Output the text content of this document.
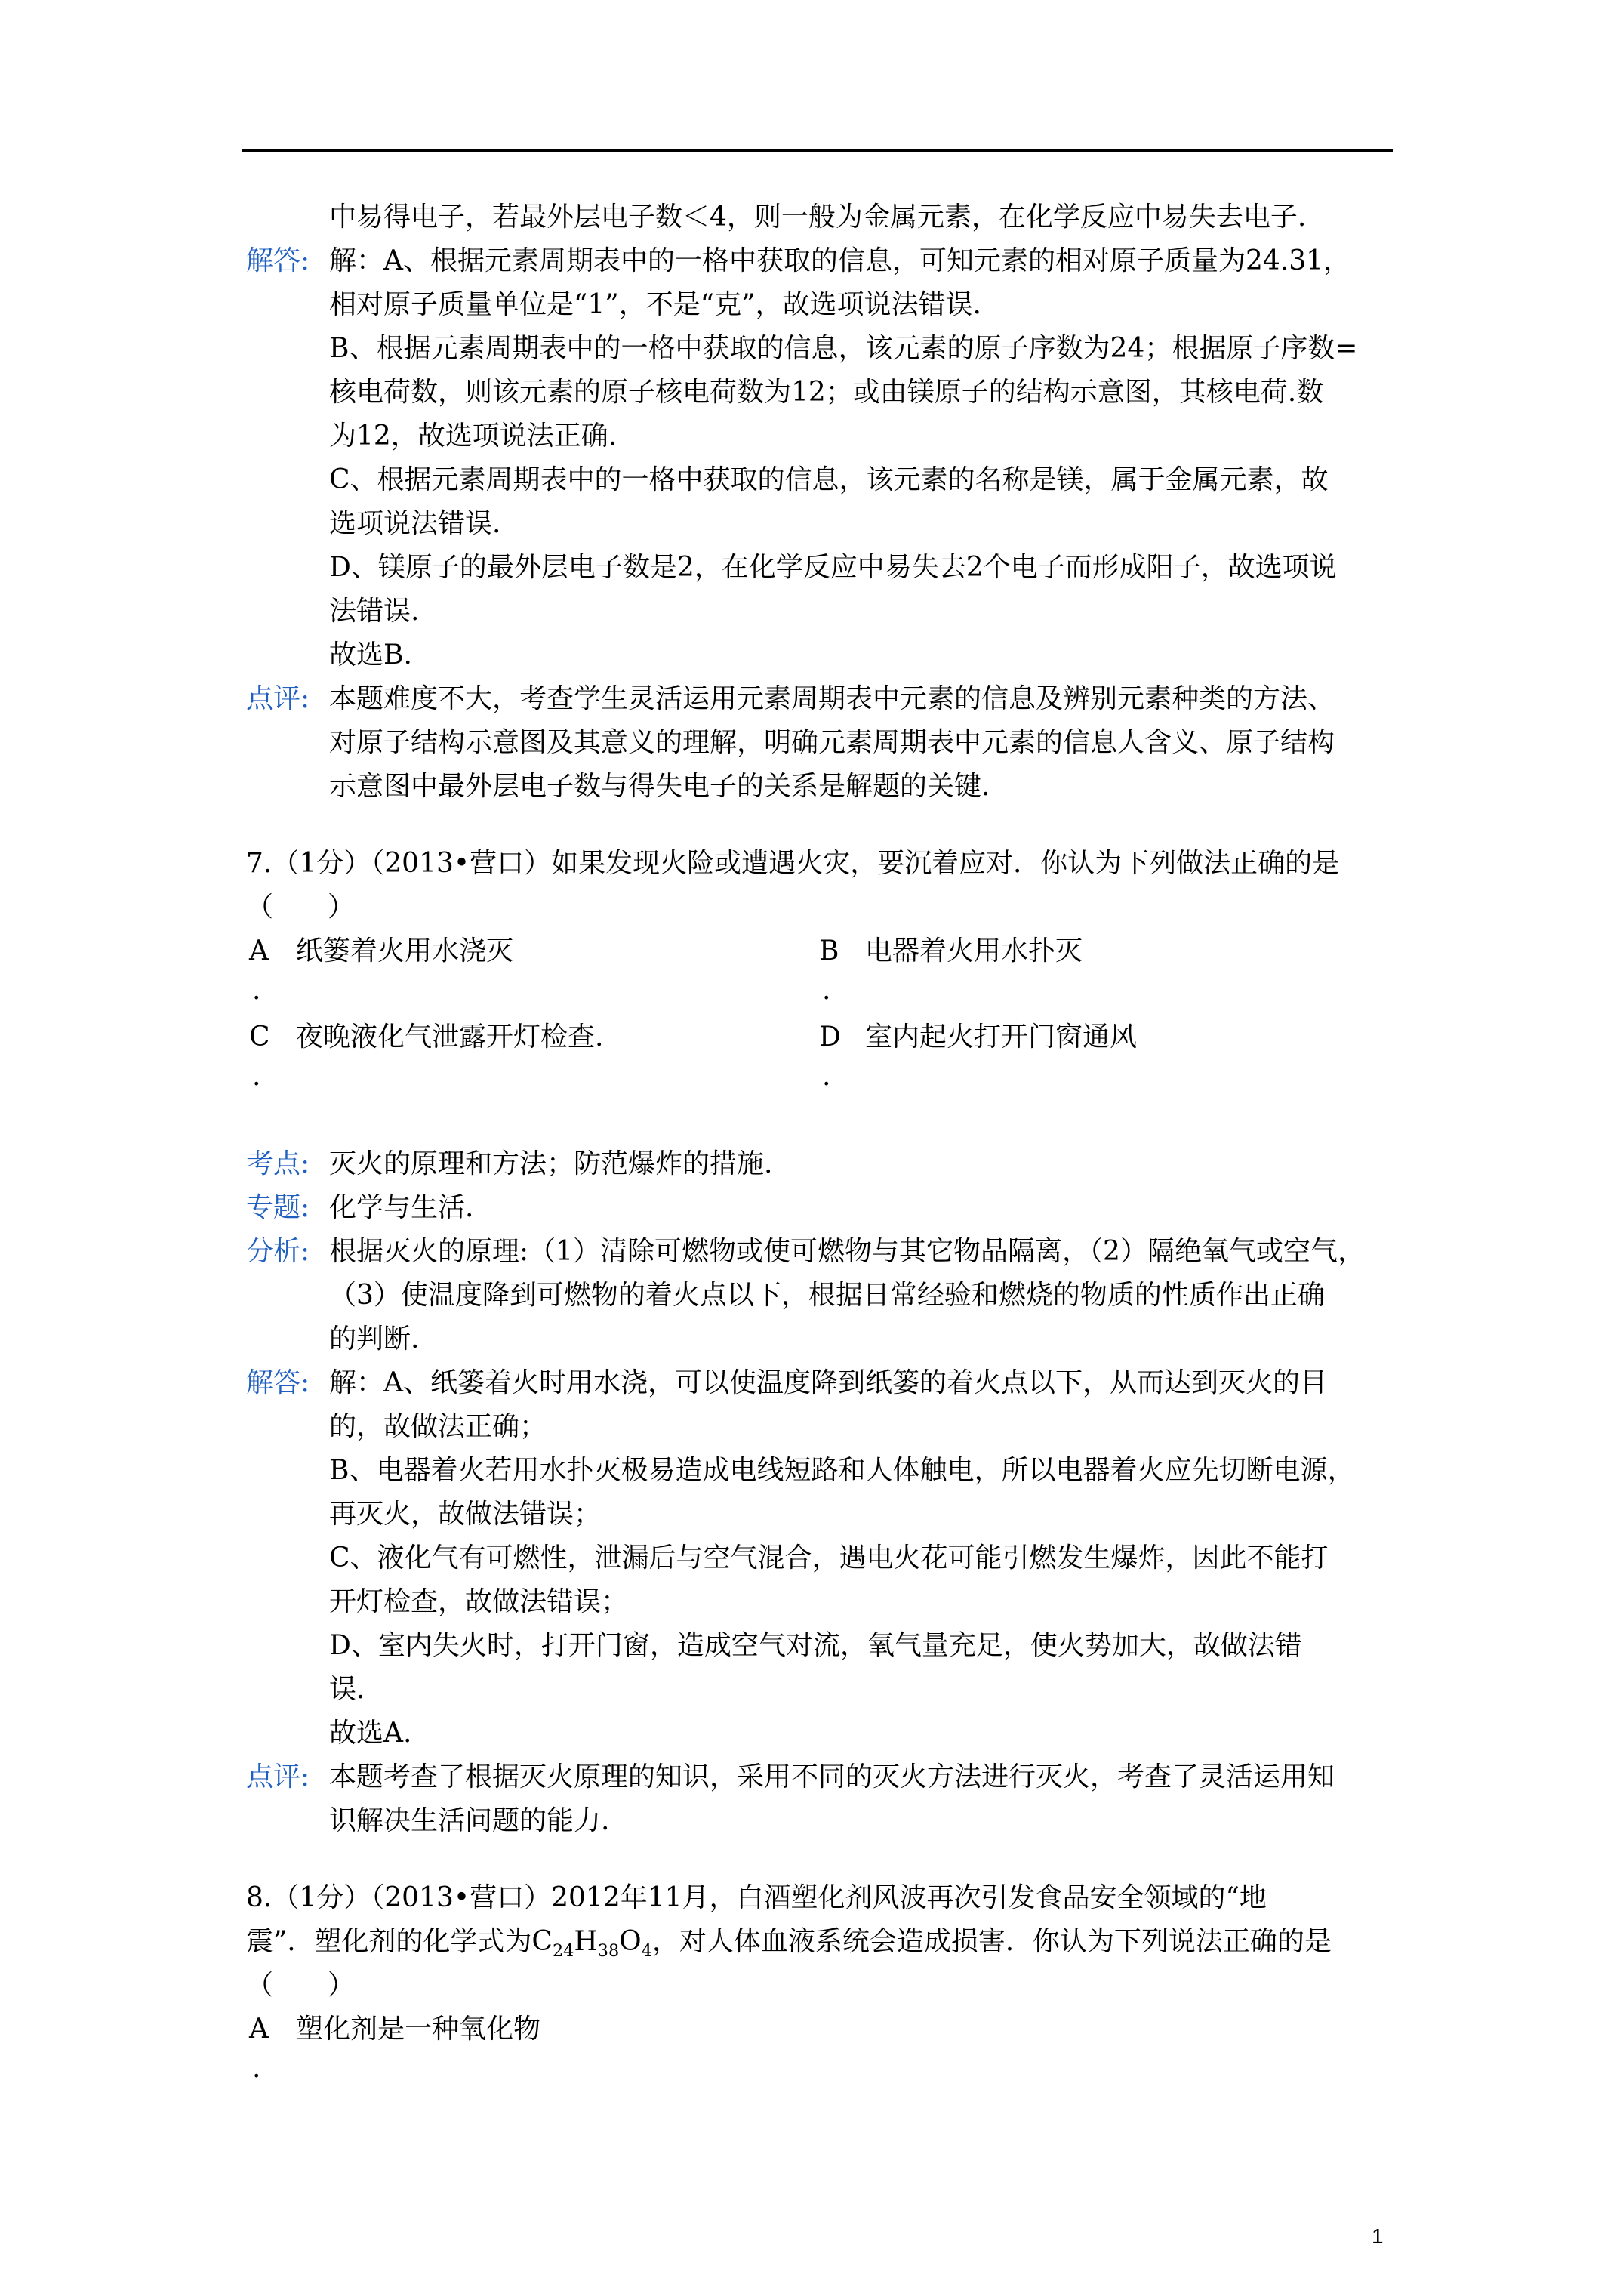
中易得电子，若最外层电子数＜4，则一般为金属元素，在化学反应中易失去电子.
解答: 解：A、根据元素周期表中的一格中获取的信息，可知元素的相对原子质量为24.31，
相对原子质量单位是“1”，不是“克”，故选项说法错误.
B、根据元素周期表中的一格中获取的信息，该元素的原子序数为24；根据原子序数=
核电荷数，则该元素的原子核电荷数为12；或由镁原子的结构示意图，其核电荷.数
为12，故选项说法正确.
C、根据元素周期表中的一格中获取的信息，该元素的名称是镁，属于金属元素，故
选项说法错误.
D、镁原子的最外层电子数是2，在化学反应中易失去2个电子而形成阳子，故选项说
法错误.
故选B.
点评: 本题难度不大，考查学生灵活运用元素周期表中元素的信息及辨别元素种类的方法、
对原子结构示意图及其意义的理解，明确元素周期表中元素的信息人含义、原子结构
示意图中最外层电子数与得失电子的关系是解题的关键.
7.（1分）（2013•营口）如果发现火险或遭遇火灾，要沉着应对．你认为下列做法正确的是
（　　）
A
.
纸篓着火用水浇灭	B
.
电器着火用水扑灭
C
.
夜晚液化气泄露开灯检查.	D
.
室内起火打开门窗通风
考点: 灭火的原理和方法；防范爆炸的措施.
专题: 化学与生活.
分析: 根据灭火的原理:（1）清除可燃物或使可燃物与其它物品隔离，（2）隔绝氧气或空气，
（3）使温度降到可燃物的着火点以下，根据日常经验和燃烧的物质的性质作出正确
的判断.
解答: 解：A、纸篓着火时用水浇，可以使温度降到纸篓的着火点以下，从而达到灭火的目
的，故做法正确；
B、电器着火若用水扑灭极易造成电线短路和人体触电，所以电器着火应先切断电源，
再灭火，故做法错误；
C、液化气有可燃性，泄漏后与空气混合，遇电火花可能引燃发生爆炸，因此不能打
开灯检查，故做法错误；
D、室内失火时，打开门窗，造成空气对流，氧气量充足，使火势加大，故做法错
误.
故选A.
点评: 本题考查了根据灭火原理的知识，采用不同的灭火方法进行灭火，考查了灵活运用知
识解决生活问题的能力.
8.（1分）（2013•营口）2012年11月，白酒塑化剂风波再次引发食品安全领域的“地
震”．塑化剂的化学式为$C_{24}H_{38}O_4$，对人体血液系统会造成损害．你认为下列说法正确的是
（　　）
A
.
塑化剂是一种氧化物
1
